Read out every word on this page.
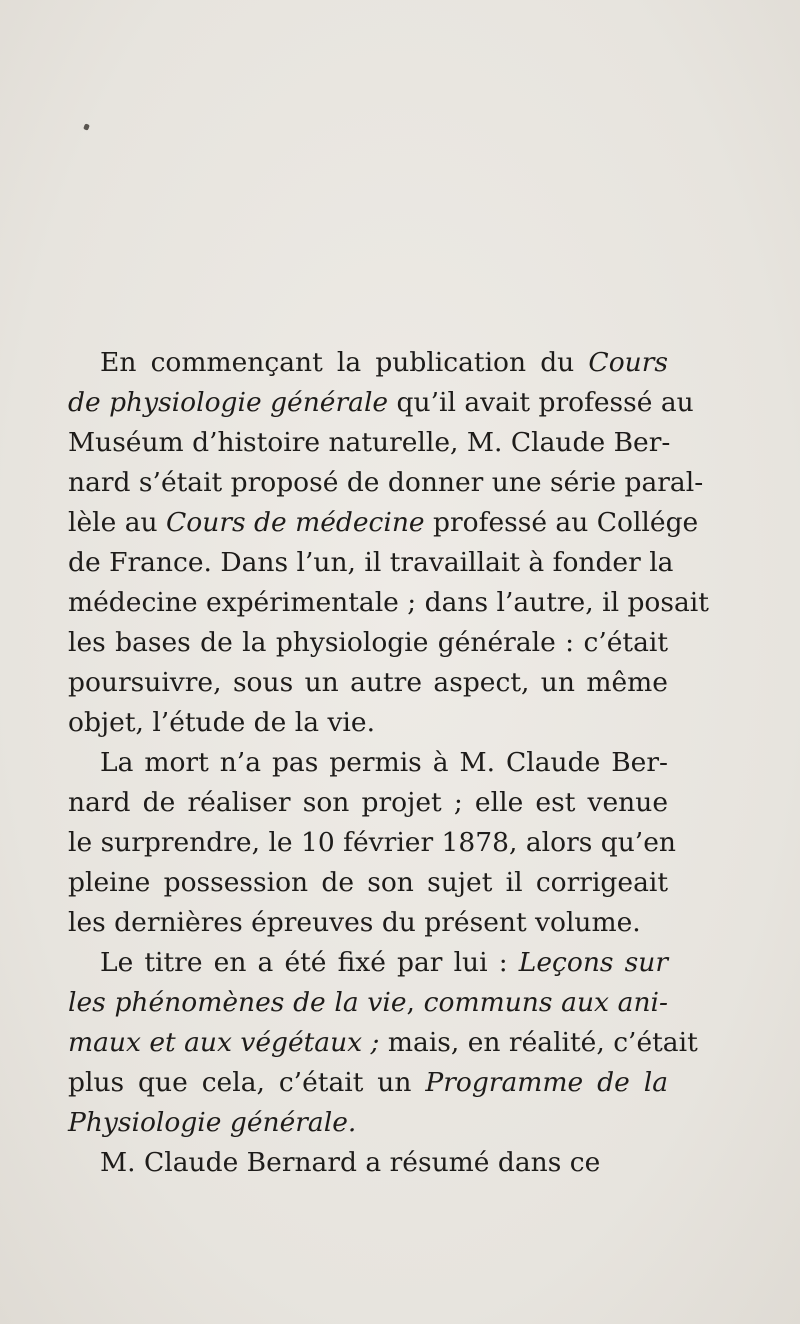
En commençant la publication du Cours
de physiologie générale qu’il avait professé au
Muséum d’histoire naturelle, M. Claude Ber-
nard s’était proposé de donner une série paral-
lèle au Cours de médecine professé au Collége
de France. Dans l’un, il travaillait à fonder la
médecine expérimentale ; dans l’autre, il posait
les bases de la physiologie générale : c’était
poursuivre, sous un autre aspect, un même
objet, l’étude de la vie.
La mort n’a pas permis à M. Claude Ber-
nard de réaliser son projet ; elle est venue
le surprendre, le 10 février 1878, alors qu’en
pleine possession de son sujet il corrigeait
les dernières épreuves du présent volume.
Le titre en a été fixé par lui : Leçons sur
les phénomènes de la vie, communs aux ani-
maux et aux végétaux ; mais, en réalité, c’était
plus que cela, c’était un Programme de la
Physiologie générale.
M. Claude Bernard a résumé dans ce
